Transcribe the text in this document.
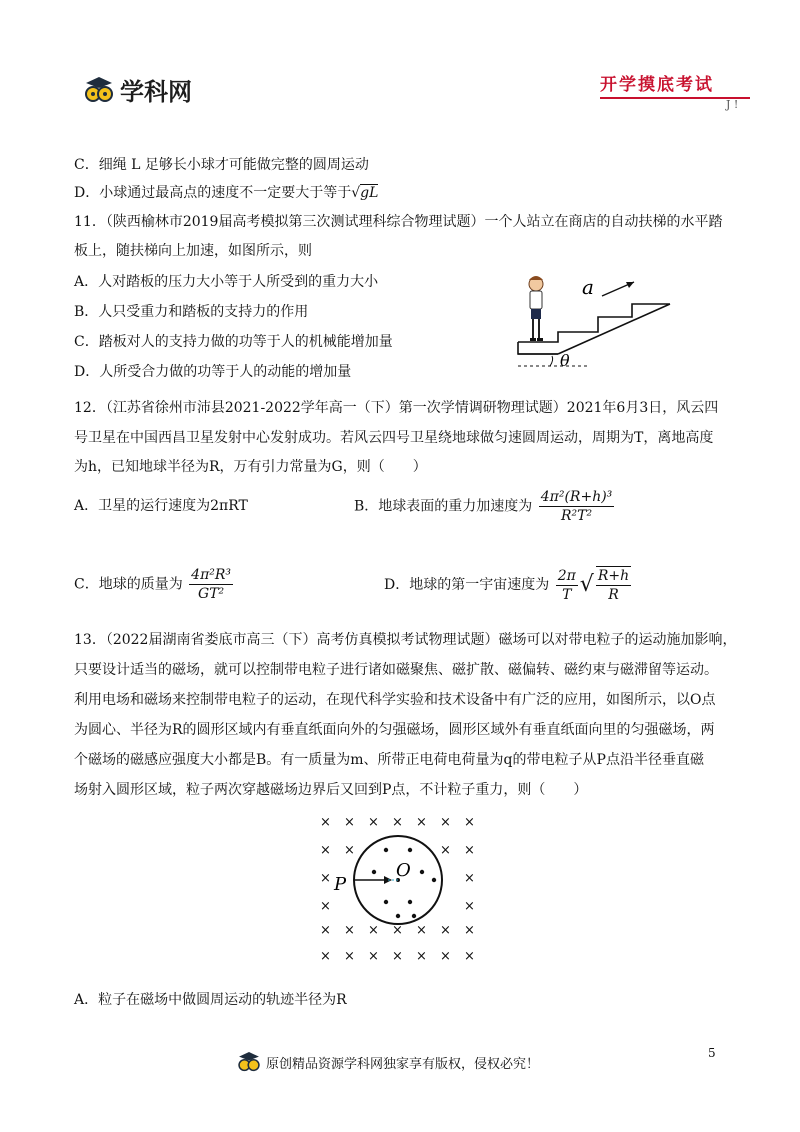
学科网	开学摸底考试
J !
C．细绳 L 足够长小球才可能做完整的圆周运动
D．小球通过最高点的速度不一定要大于等于√gL
11．（陕西榆林市2019届高考模拟第三次测试理科综合物理试题）一个人站立在商店的自动扶梯的水平踏
板上，随扶梯向上加速，如图所示，则
A．人对踏板的压力大小等于人所受到的重力大小
B．人只受重力和踏板的支持力的作用
C．踏板对人的支持力做的功等于人的机械能增加量
D．人所受合力做的功等于人的动能的增加量
θ
a
12．（江苏省徐州市沛县2021-2022学年高一（下）第一次学情调研物理试题）2021年6月3日，风云四
号卫星在中国西昌卫星发射中心发射成功。若风云四号卫星绕地球做匀速圆周运动，周期为T，离地高度
为h，已知地球半径为R，万有引力常量为G，则（　　）
A．卫星的运行速度为2πRT	B．地球表面的重力加速度为 $\frac{\text{4π²(R+h)³}}{\text{R²T²}}$
C．地球的质量为 $\frac{\text{4π²R³}}{\text{GT²}}$	D．地球的第一宇宙速度为 $\frac{2\pi}{T}$ √ $\frac{R+h}{R}$
13．（2022届湖南省娄底市高三（下）高考仿真模拟考试物理试题）磁场可以对带电粒子的运动施加影响，
只要设计适当的磁场，就可以控制带电粒子进行诸如磁聚焦、磁扩散、磁偏转、磁约束与磁滞留等运动。
利用电场和磁场来控制带电粒子的运动，在现代科学实验和技术设备中有广泛的应用，如图所示，以O点
为圆心、半径为R的圆形区域内有垂直纸面向外的匀强磁场，圆形区域外有垂直纸面向里的匀强磁场，两
个磁场的磁感应强度大小都是B。有一质量为m、所带正电荷电荷量为q的带电粒子从P点沿半径垂直磁
场射入圆形区域，粒子两次穿越磁场边界后又回到P点，不计粒子重力，则（　　）
× × × × × × ×
× ×	× ×
×	×
×	×
× × × × × × ×
× × × × × × ×
P
O
A．粒子在磁场中做圆周运动的轨迹半径为R
原创精品资源学科网独家享有版权，侵权必究！
5
